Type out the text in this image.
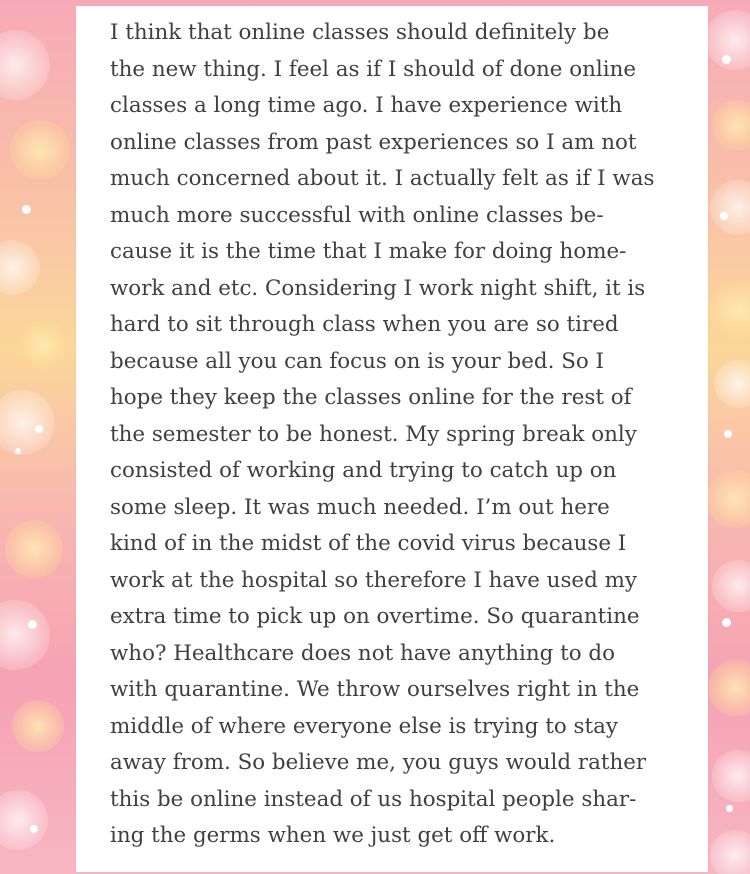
I think that online classes should definitely be
the new thing. I feel as if I should of done online
classes a long time ago. I have experience with
online classes from past experiences so I am not
much concerned about it. I actually felt as if I was
much more successful with online classes be-
cause it is the time that I make for doing home-
work and etc. Considering I work night shift, it is
hard to sit through class when you are so tired
because all you can focus on is your bed. So I
hope they keep the classes online for the rest of
the semester to be honest. My spring break only
consisted of working and trying to catch up on
some sleep. It was much needed. I’m out here
kind of in the midst of the covid virus because I
work at the hospital so therefore I have used my
extra time to pick up on overtime. So quarantine
who? Healthcare does not have anything to do
with quarantine. We throw ourselves right in the
middle of where everyone else is trying to stay
away from. So believe me, you guys would rather
this be online instead of us hospital people shar-
ing the germs when we just get off work.
